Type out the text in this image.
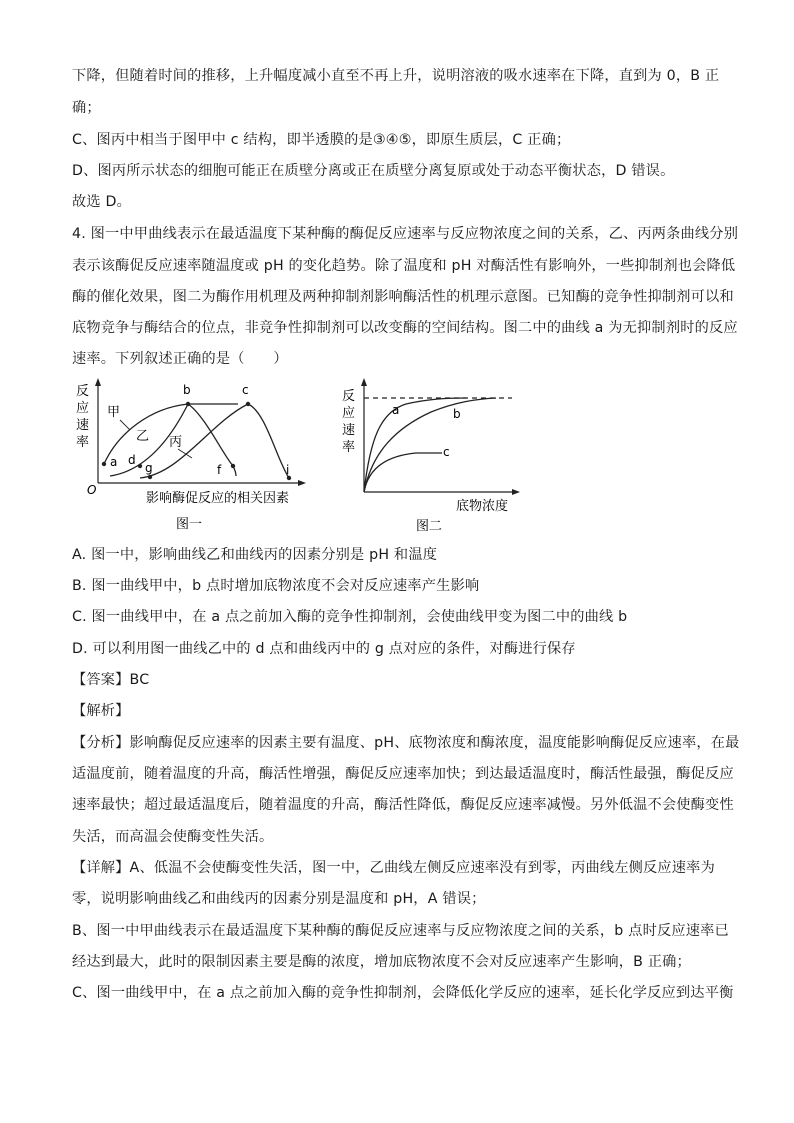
下降，但随着时间的推移，上升幅度减小直至不再上升，说明溶液的吸水速率在下降，直到为 0，B 正
确；
C、图丙中相当于图甲中 c 结构，即半透膜的是③④⑤，即原生质层，C 正确；
D、图丙所示状态的细胞可能正在质壁分离或正在质壁分离复原或处于动态平衡状态，D 错误。
故选 D。
4. 图一中甲曲线表示在最适温度下某种酶的酶促反应速率与反应物浓度之间的关系，乙、丙两条曲线分别
表示该酶促反应速率随温度或 pH 的变化趋势。除了温度和 pH 对酶活性有影响外，一些抑制剂也会降低
酶的催化效果，图二为酶作用机理及两种抑制剂影响酶活性的机理示意图。已知酶的竞争性抑制剂可以和
底物竞争与酶结合的位点，非竞争性抑制剂可以改变酶的空间结构。图二中的曲线 a 为无抑制剂时的反应
速率。下列叙述正确的是（　　）
反
应
速
率
O
a
b	c
d
f
g	i
甲
乙 丙
影响酶促反应的相关因素
图一
反
应
速
率
a	b
c
底物浓度
图二
A. 图一中，影响曲线乙和曲线丙的因素分别是 pH 和温度
B. 图一曲线甲中，b 点时增加底物浓度不会对反应速率产生影响
C. 图一曲线甲中，在 a 点之前加入酶的竞争性抑制剂，会使曲线甲变为图二中的曲线 b
D. 可以利用图一曲线乙中的 d 点和曲线丙中的 g 点对应的条件，对酶进行保存
【答案】BC
【解析】
【分析】影响酶促反应速率的因素主要有温度、pH、底物浓度和酶浓度，温度能影响酶促反应速率，在最
适温度前，随着温度的升高，酶活性增强，酶促反应速率加快；到达最适温度时，酶活性最强，酶促反应
速率最快；超过最适温度后，随着温度的升高，酶活性降低，酶促反应速率减慢。另外低温不会使酶变性
失活，而高温会使酶变性失活。
【详解】A、低温不会使酶变性失活，图一中，乙曲线左侧反应速率没有到零，丙曲线左侧反应速率为
零，说明影响曲线乙和曲线丙的因素分别是温度和 pH，A 错误；
B、图一中甲曲线表示在最适温度下某种酶的酶促反应速率与反应物浓度之间的关系，b 点时反应速率已
经达到最大，此时的限制因素主要是酶的浓度，增加底物浓度不会对反应速率产生影响，B 正确；
C、图一曲线甲中，在 a 点之前加入酶的竞争性抑制剂，会降低化学反应的速率，延长化学反应到达平衡
